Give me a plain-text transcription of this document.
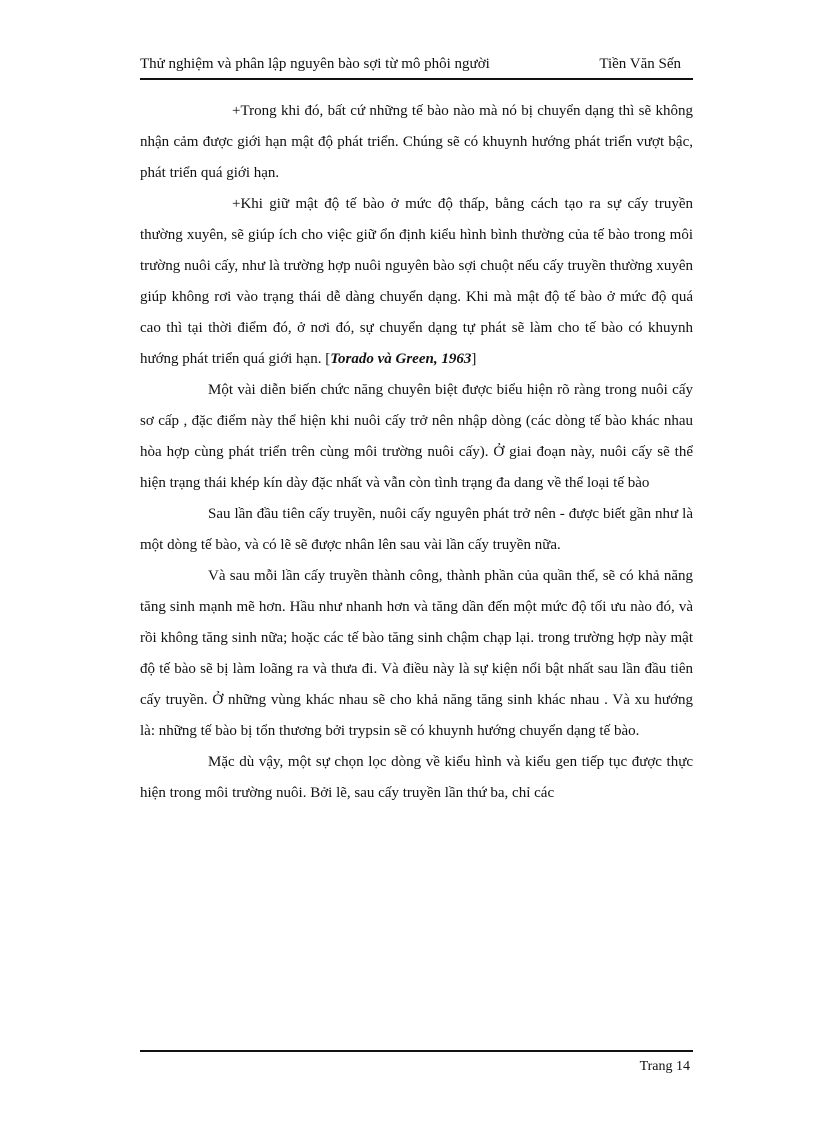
Thử nghiệm và phân lập nguyên bào sợi từ mô phôi người	Tiền Văn Sến

+Trong khi đó, bất cứ những tế bào nào mà nó bị chuyển dạng thì sẽ không nhận cảm được giới hạn mật độ phát triển. Chúng sẽ có khuynh hướng phát triển vượt bậc, phát triển quá giới hạn.

+Khi giữ mật độ tế bào ở mức độ thấp, bằng cách tạo ra sự cấy truyền thường xuyên, sẽ giúp ích cho việc giữ ổn định kiểu hình bình thường của tế bào trong môi trường nuôi cấy, như là trường hợp nuôi nguyên bào sợi chuột nếu cấy truyền thường xuyên giúp không rơi vào trạng thái dễ dàng chuyển dạng. Khi mà mật độ tế bào ở mức độ quá cao thì tại thời điểm đó, ở nơi đó, sự chuyển dạng tự phát sẽ làm cho tế bào có khuynh hướng phát triển quá giới hạn. [Torado và Green, 1963]

Một vài diễn biến chức năng chuyên biệt được biểu hiện rõ ràng trong nuôi cấy sơ cấp , đặc điểm này thể hiện khi nuôi cấy trở nên nhập dòng (các dòng tế bào khác nhau hòa hợp cùng phát triển trên cùng môi trường nuôi cấy). Ở giai đoạn này, nuôi cấy sẽ thể hiện trạng thái khép kín dày đặc nhất và vẫn còn tình trạng đa dang về thể loại tế bào

Sau lần đầu tiên cấy truyền, nuôi cấy nguyên phát trở nên - được biết gần như là một dòng tế bào, và có lẽ sẽ được nhân lên sau vài lần cấy truyền nữa.

Và sau mỗi lần cấy truyền thành công, thành phần của quần thể, sẽ có khả năng tăng sinh mạnh mẽ hơn. Hầu như nhanh hơn và tăng dần đến một mức độ tối ưu nào đó, và rồi không tăng sinh nữa; hoặc các tế bào tăng sinh chậm chạp lại. trong trường hợp này mật độ tế bào sẽ bị làm loãng ra và thưa đi. Và điều này là sự kiện nổi bật nhất sau lần đầu tiên cấy truyền. Ở những vùng khác nhau sẽ cho khả năng tăng sinh khác nhau . Và xu hướng là: những tế bào bị tổn thương bởi trypsin sẽ có khuynh hướng chuyển dạng tế bào.

Mặc dù vậy, một sự chọn lọc dòng về kiểu hình và kiểu gen tiếp tục được thực hiện trong môi trường nuôi. Bởi lẽ, sau cấy truyền lần thứ ba, chỉ các

Trang 14
